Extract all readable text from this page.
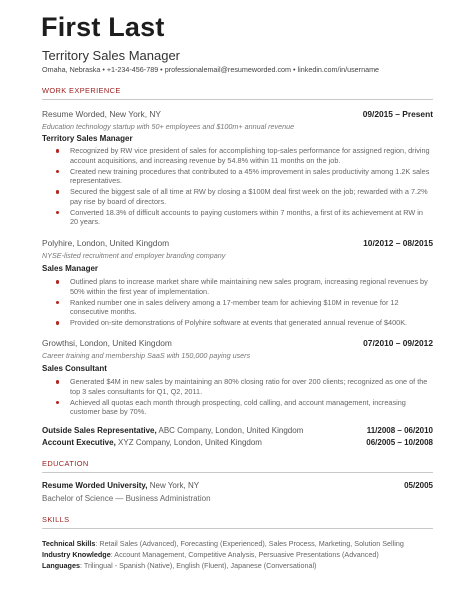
First Last
Territory Sales Manager
Omaha, Nebraska • +1-234-456-789 • professionalemail@resumeworded.com • linkedin.com/in/username
WORK EXPERIENCE
Resume Worded, New York, NY	09/2015 – Present
Education technology startup with 50+ employees and $100m+ annual revenue
Territory Sales Manager
Recognized by RW vice president of sales for accomplishing top-sales performance for assigned region, driving account acquisitions, and increasing revenue by 54.8% within 11 months on the job.
Created new training procedures that contributed to a 45% improvement in sales productivity among 1.2K sales representatives.
Secured the biggest sale of all time at RW by closing a $100M deal first week on the job; rewarded with a 7.2% pay rise by board of directors.
Converted 18.3% of difficult accounts to paying customers within 7 months, a first of its achievement at RW in 20 years.
Polyhire, London, United Kingdom	10/2012 – 08/2015
NYSE-listed recruitment and employer branding company
Sales Manager
Outlined plans to increase market share while maintaining new sales program, increasing regional revenues by 50% within the first year of implementation.
Ranked number one in sales delivery among a 17-member team for achieving $10M in revenue for 12 consecutive months.
Provided on-site demonstrations of Polyhire software at events that generated annual revenue of $400K.
Growthsi, London, United Kingdom	07/2010 – 09/2012
Career training and membership SaaS with 150,000 paying users
Sales Consultant
Generated $4M in new sales by maintaining an 80% closing ratio for over 200 clients; recognized as one of the top 3 sales consultants for Q1, Q2, 2011.
Achieved all quotas each month through prospecting, cold calling, and account management, increasing customer base by 70%.
Outside Sales Representative, ABC Company, London, United Kingdom	11/2008 – 06/2010
Account Executive, XYZ Company, London, United Kingdom	06/2005 – 10/2008
EDUCATION
Resume Worded University, New York, NY	05/2005
Bachelor of Science — Business Administration
SKILLS
Technical Skills: Retail Sales (Advanced), Forecasting (Experienced), Sales Process, Marketing, Solution Selling
Industry Knowledge: Account Management, Competitive Analysis, Persuasive Presentations (Advanced)
Languages: Trilingual - Spanish (Native), English (Fluent), Japanese (Conversational)
